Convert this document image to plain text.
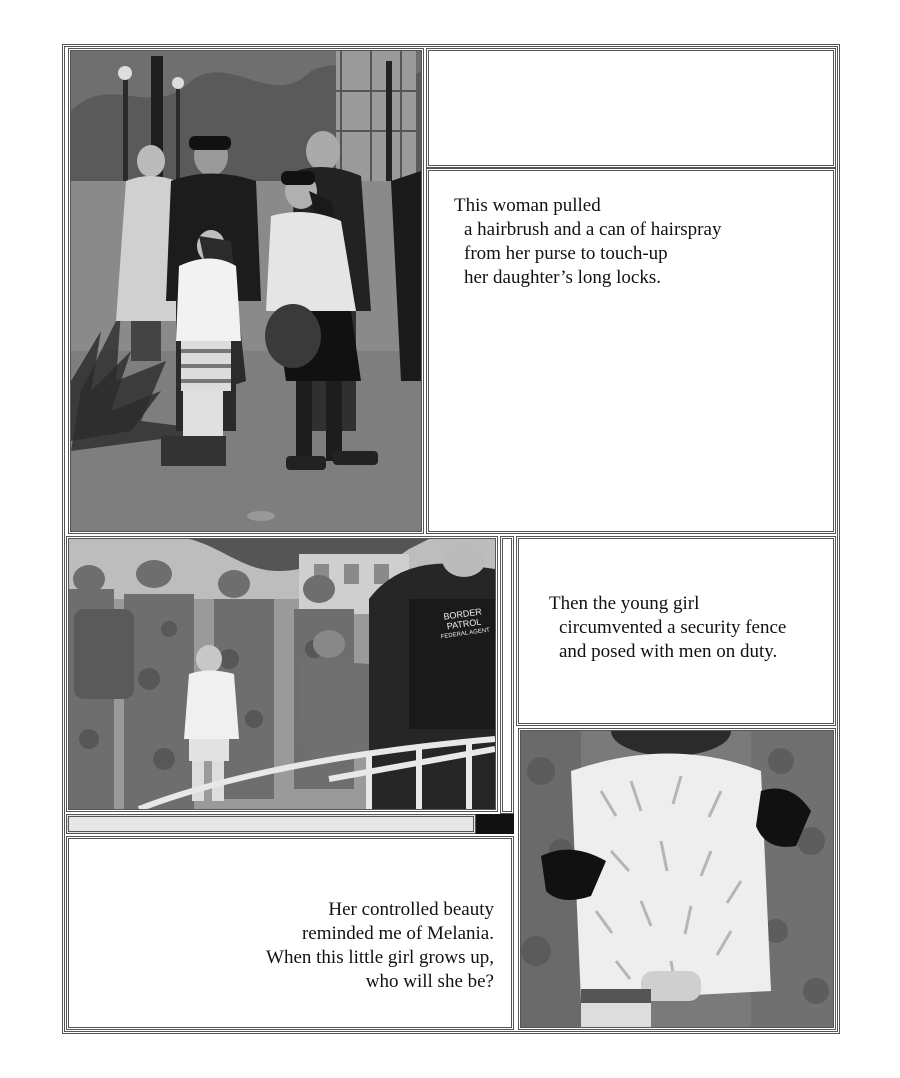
This woman pulled
a hairbrush and a can of hairspray
from her purse to touch-up
her daughter’s long locks.
BORDER PATROL
FEDERAL AGENT
Then the young girl
circumvented a security fence
and posed with men on duty.
Her controlled beauty
reminded me of Melania.
When this little girl grows up,
who will she be?
